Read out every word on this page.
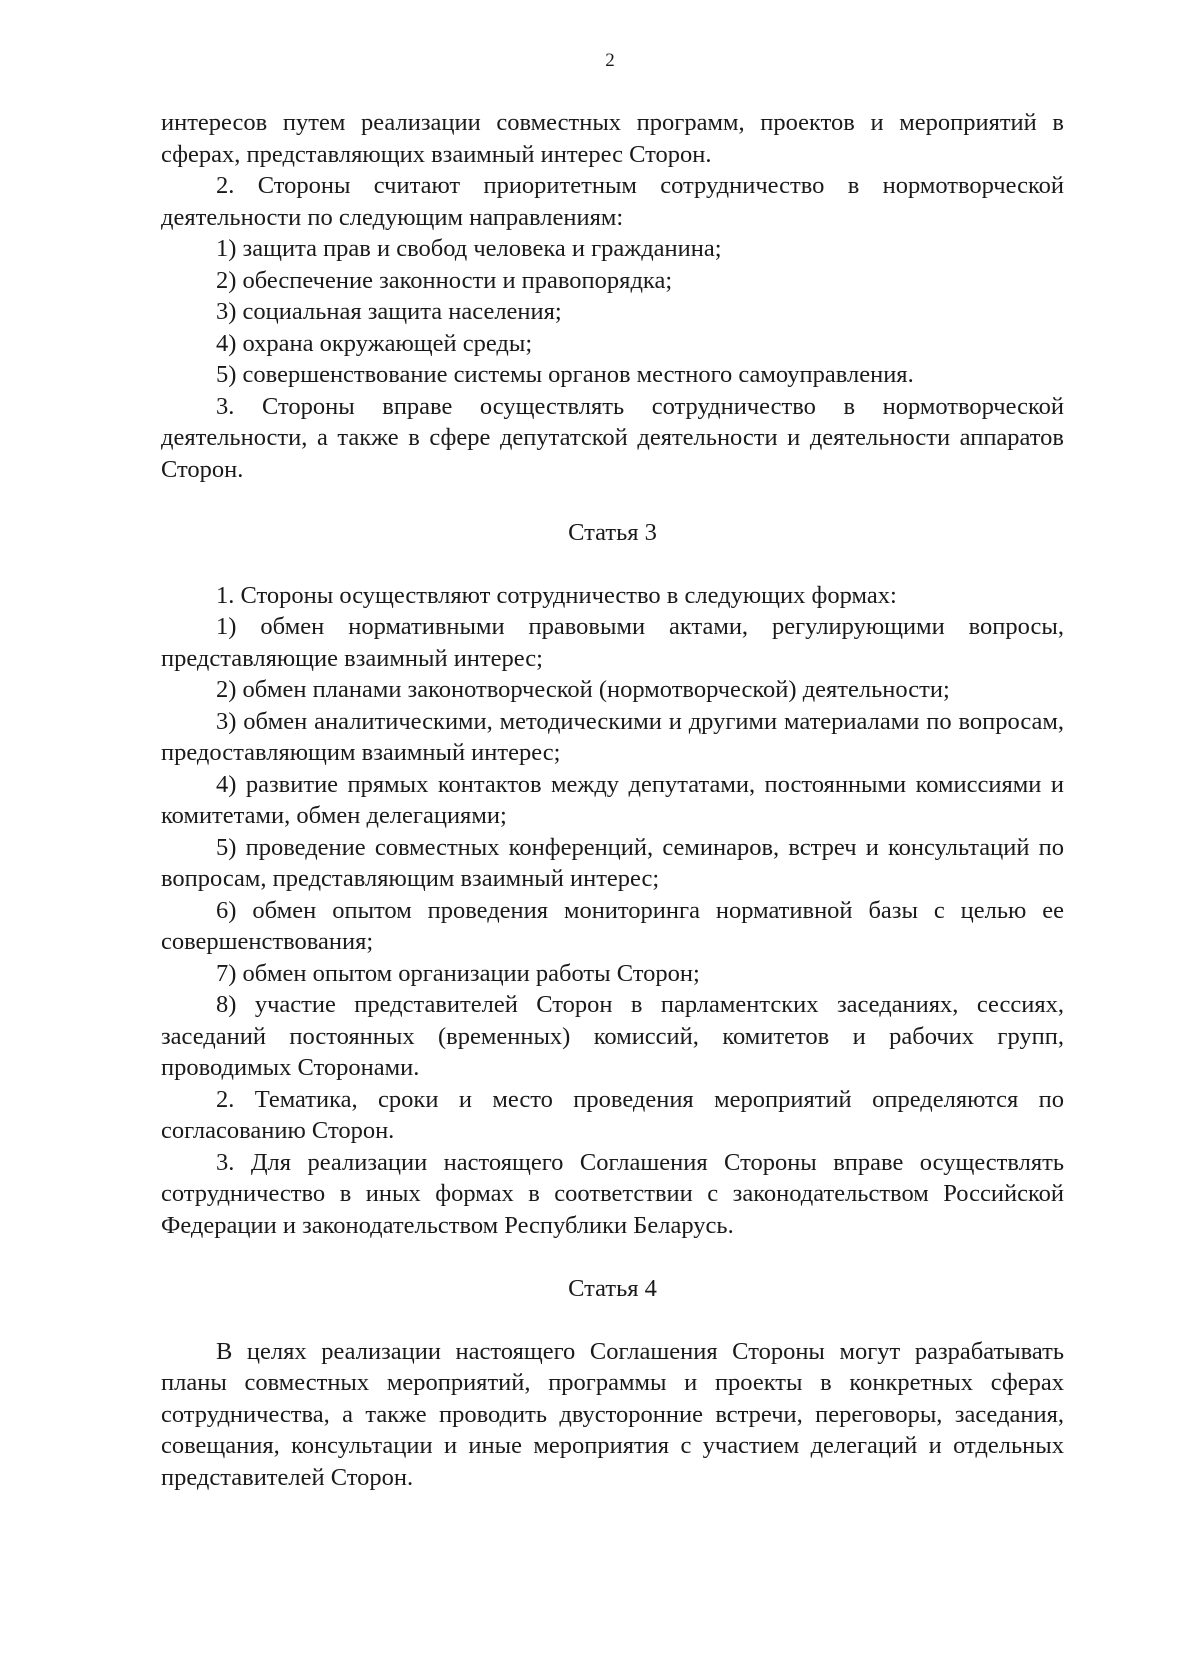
2

интересов путем реализации совместных программ, проектов и мероприятий в сферах, представляющих взаимный интерес Сторон.

2. Стороны считают приоритетным сотрудничество в нормотворческой деятельности по следующим направлениям:

1) защита прав и свобод человека и гражданина;

2) обеспечение законности и правопорядка;

3) социальная защита населения;

4) охрана окружающей среды;

5) совершенствование системы органов местного самоуправления.

3. Стороны вправе осуществлять сотрудничество в нормотворческой деятельности, а также в сфере депутатской деятельности и деятельности аппаратов Сторон.

Статья 3

1. Стороны осуществляют сотрудничество в следующих формах:

1) обмен нормативными правовыми актами, регулирующими вопросы, представляющие взаимный интерес;

2) обмен планами законотворческой (нормотворческой) деятельности;

3) обмен аналитическими, методическими и другими материалами по вопросам, предоставляющим взаимный интерес;

4) развитие прямых контактов между депутатами, постоянными комиссиями и комитетами, обмен делегациями;

5) проведение совместных конференций, семинаров, встреч и консультаций по вопросам, представляющим взаимный интерес;

6) обмен опытом проведения мониторинга нормативной базы с целью ее совершенствования;

7) обмен опытом организации работы Сторон;

8) участие представителей Сторон в парламентских заседаниях, сессиях, заседаний постоянных (временных) комиссий, комитетов и рабочих групп, проводимых Сторонами.

2. Тематика, сроки и место проведения мероприятий определяются по согласованию Сторон.

3. Для реализации настоящего Соглашения Стороны вправе осуществлять сотрудничество в иных формах в соответствии с законодательством Российской Федерации и законодательством Республики Беларусь.

Статья 4

В целях реализации настоящего Соглашения Стороны могут разрабатывать планы совместных мероприятий, программы и проекты в конкретных сферах сотрудничества, а также проводить двусторонние встречи, переговоры, заседания, совещания, консультации и иные мероприятия с участием делегаций и отдельных представителей Сторон.
